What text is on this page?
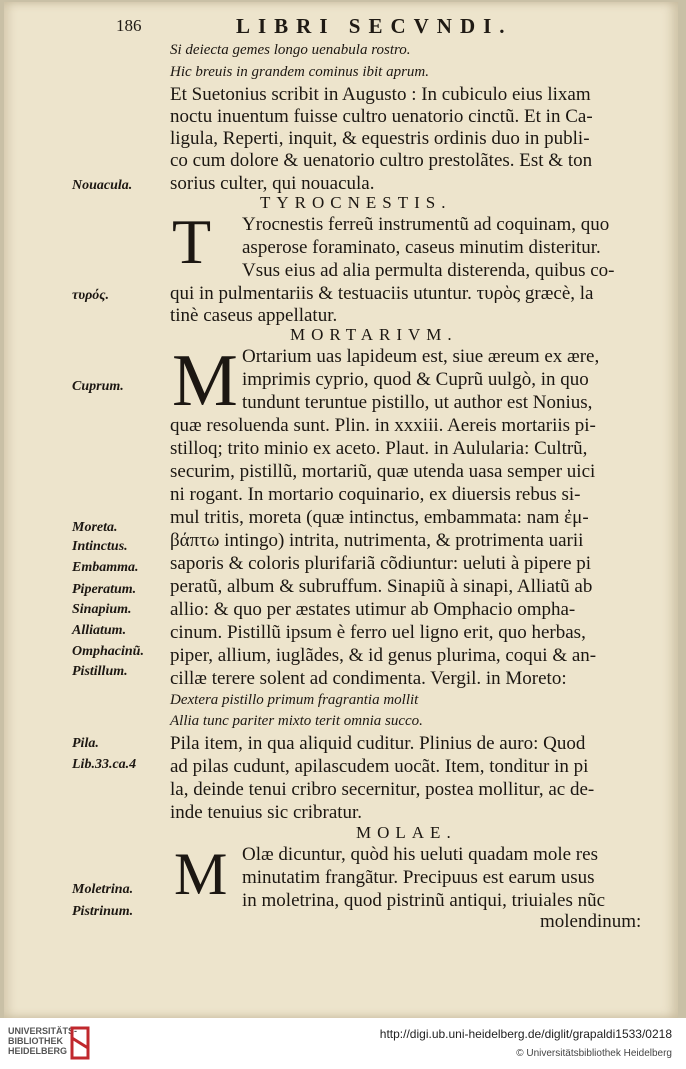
186	LIBRI SECVNDI.
Si deiecta gemes longo uenabula rostro.
Hic breuis in grandem cominus ibit aprum.
Et Suetonius scribit in Augusto : In cubiculo eius lixam
noctu inuentum fuisse cultro uenatorio cinctũ. Et in Ca-
ligula, Reperti, inquit, & equestris ordinis duo in publi-
co cum dolore & uenatorio cultro prestolãtes. Est & ton
sorius culter, qui nouacula.
TYROCNESTIS.
Yrocnestis ferreũ instrumentũ ad coquinam, quo
asperose foraminato, caseus minutim disteritur.
Vsus eius ad alia permulta disterenda, quibus co-
qui in pulmentariis & testuaciis utuntur. τυρὸς græcè, la
tinè caseus appellatur.
MORTARIVM.
Ortarium uas lapideum est, siue æreum ex ære,
imprimis cyprio, quod & Cuprũ uulgò, in quo
tundunt teruntue pistillo, ut author est Nonius,
quæ resoluenda sunt. Plin. in xxxiii. Aereis mortariis pi-
stilloq; trito minio ex aceto. Plaut. in Aulularia: Cultrũ,
securim, pistillũ, mortariũ, quæ utenda uasa semper uici
ni rogant. In mortario coquinario, ex diuersis rebus si-
mul tritis, moreta (quæ intinctus, embammata: nam ἐμ-
βάπτω intingo) intrita, nutrimenta, & protrimenta uarii
saporis & coloris plurifariã cõdiuntur: ueluti à pipere pi
peratũ, album & subruffum. Sinapiũ à sinapi, Alliatũ ab
allio: & quo per æstates utimur ab Omphacio ompha-
cinum. Pistillũ ipsum è ferro uel ligno erit, quo herbas,
piper, allium, iuglãdes, & id genus plurima, coqui & an-
cillæ terere solent ad condimenta. Vergil. in Moreto:
Dextera pistillo primum fragrantia mollit
Allia tunc pariter mixto terit omnia succo.
Pila item, in qua aliquid cuditur. Plinius de auro: Quod
ad pilas cudunt, apilascudem uocãt. Item, tonditur in pi
la, deinde tenui cribro secernitur, postea mollitur, ac de-
inde tenuius sic cribratur.
MOLAE.
Olæ dicuntur, quòd his ueluti quadam mole res
minutatim frangãtur. Precipuus est earum usus
in moletrina, quod pistrinũ antiqui, triuiales nũc
molendinum:
Nouacula.
τυρός.
Cuprum.
Moreta.
Intinctus.
Embamma.
Piperatum.
Sinapium.
Alliatum.
Omphacinũ.
Pistillum.
Pila.
Lib.33.ca.4
Moletrina.
Pistrinum.
T
M
M
UNIVERSITÄTS-
BIBLIOTHEK
HEIDELBERG
http://digi.ub.uni-heidelberg.de/diglit/grapaldi1533/0218
© Universitätsbibliothek Heidelberg
